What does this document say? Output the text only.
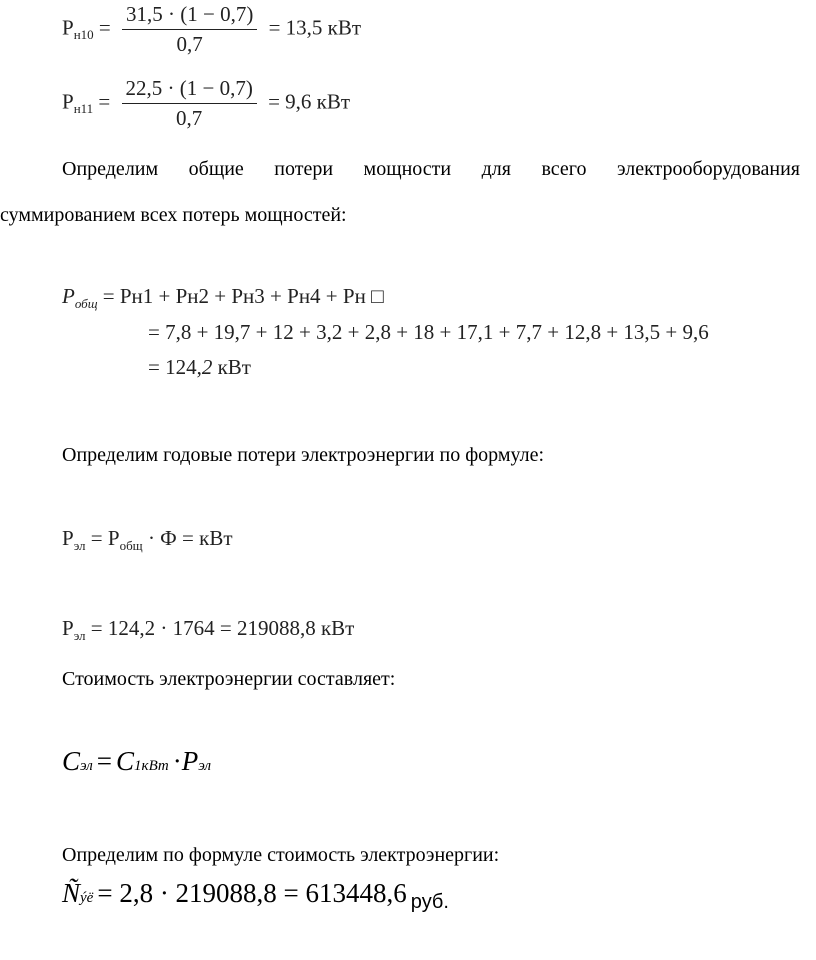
$P_{н10} = \frac{31,5 \cdot (1 - 0,7)}{0,7} = 13,5$ кВт
$P_{н11} = \frac{22,5 \cdot (1 - 0,7)}{0,7} = 9,6$ кВт
Определим общие потери мощности для всего электрооборудования
суммированием всех потерь мощностей:
$P_{общ} = Pн1 + Pн2 + Pн3 + Pн4$ + Pн □
= 7,8 + 19,7 + 12 + 3,2 + 2,8 + 18 + 17,1 + 7,7 + 12,8 + 13,5 + 9,6
= 124,2 кВт
Определим годовые потери электроэнергии по формуле:
$P_{эл} = P_{общ} \cdot Ф$ = кВт
$P_{эл} = 124,2 \cdot 1764 = 219088,8$ кВт
Стоимость электроэнергии составляет:
Cэл = C1кВт ·Pэл
Определим по формуле стоимость электроэнергии:
Ñýë = 2,8 · 219088,8 = 613448,6 руб.
